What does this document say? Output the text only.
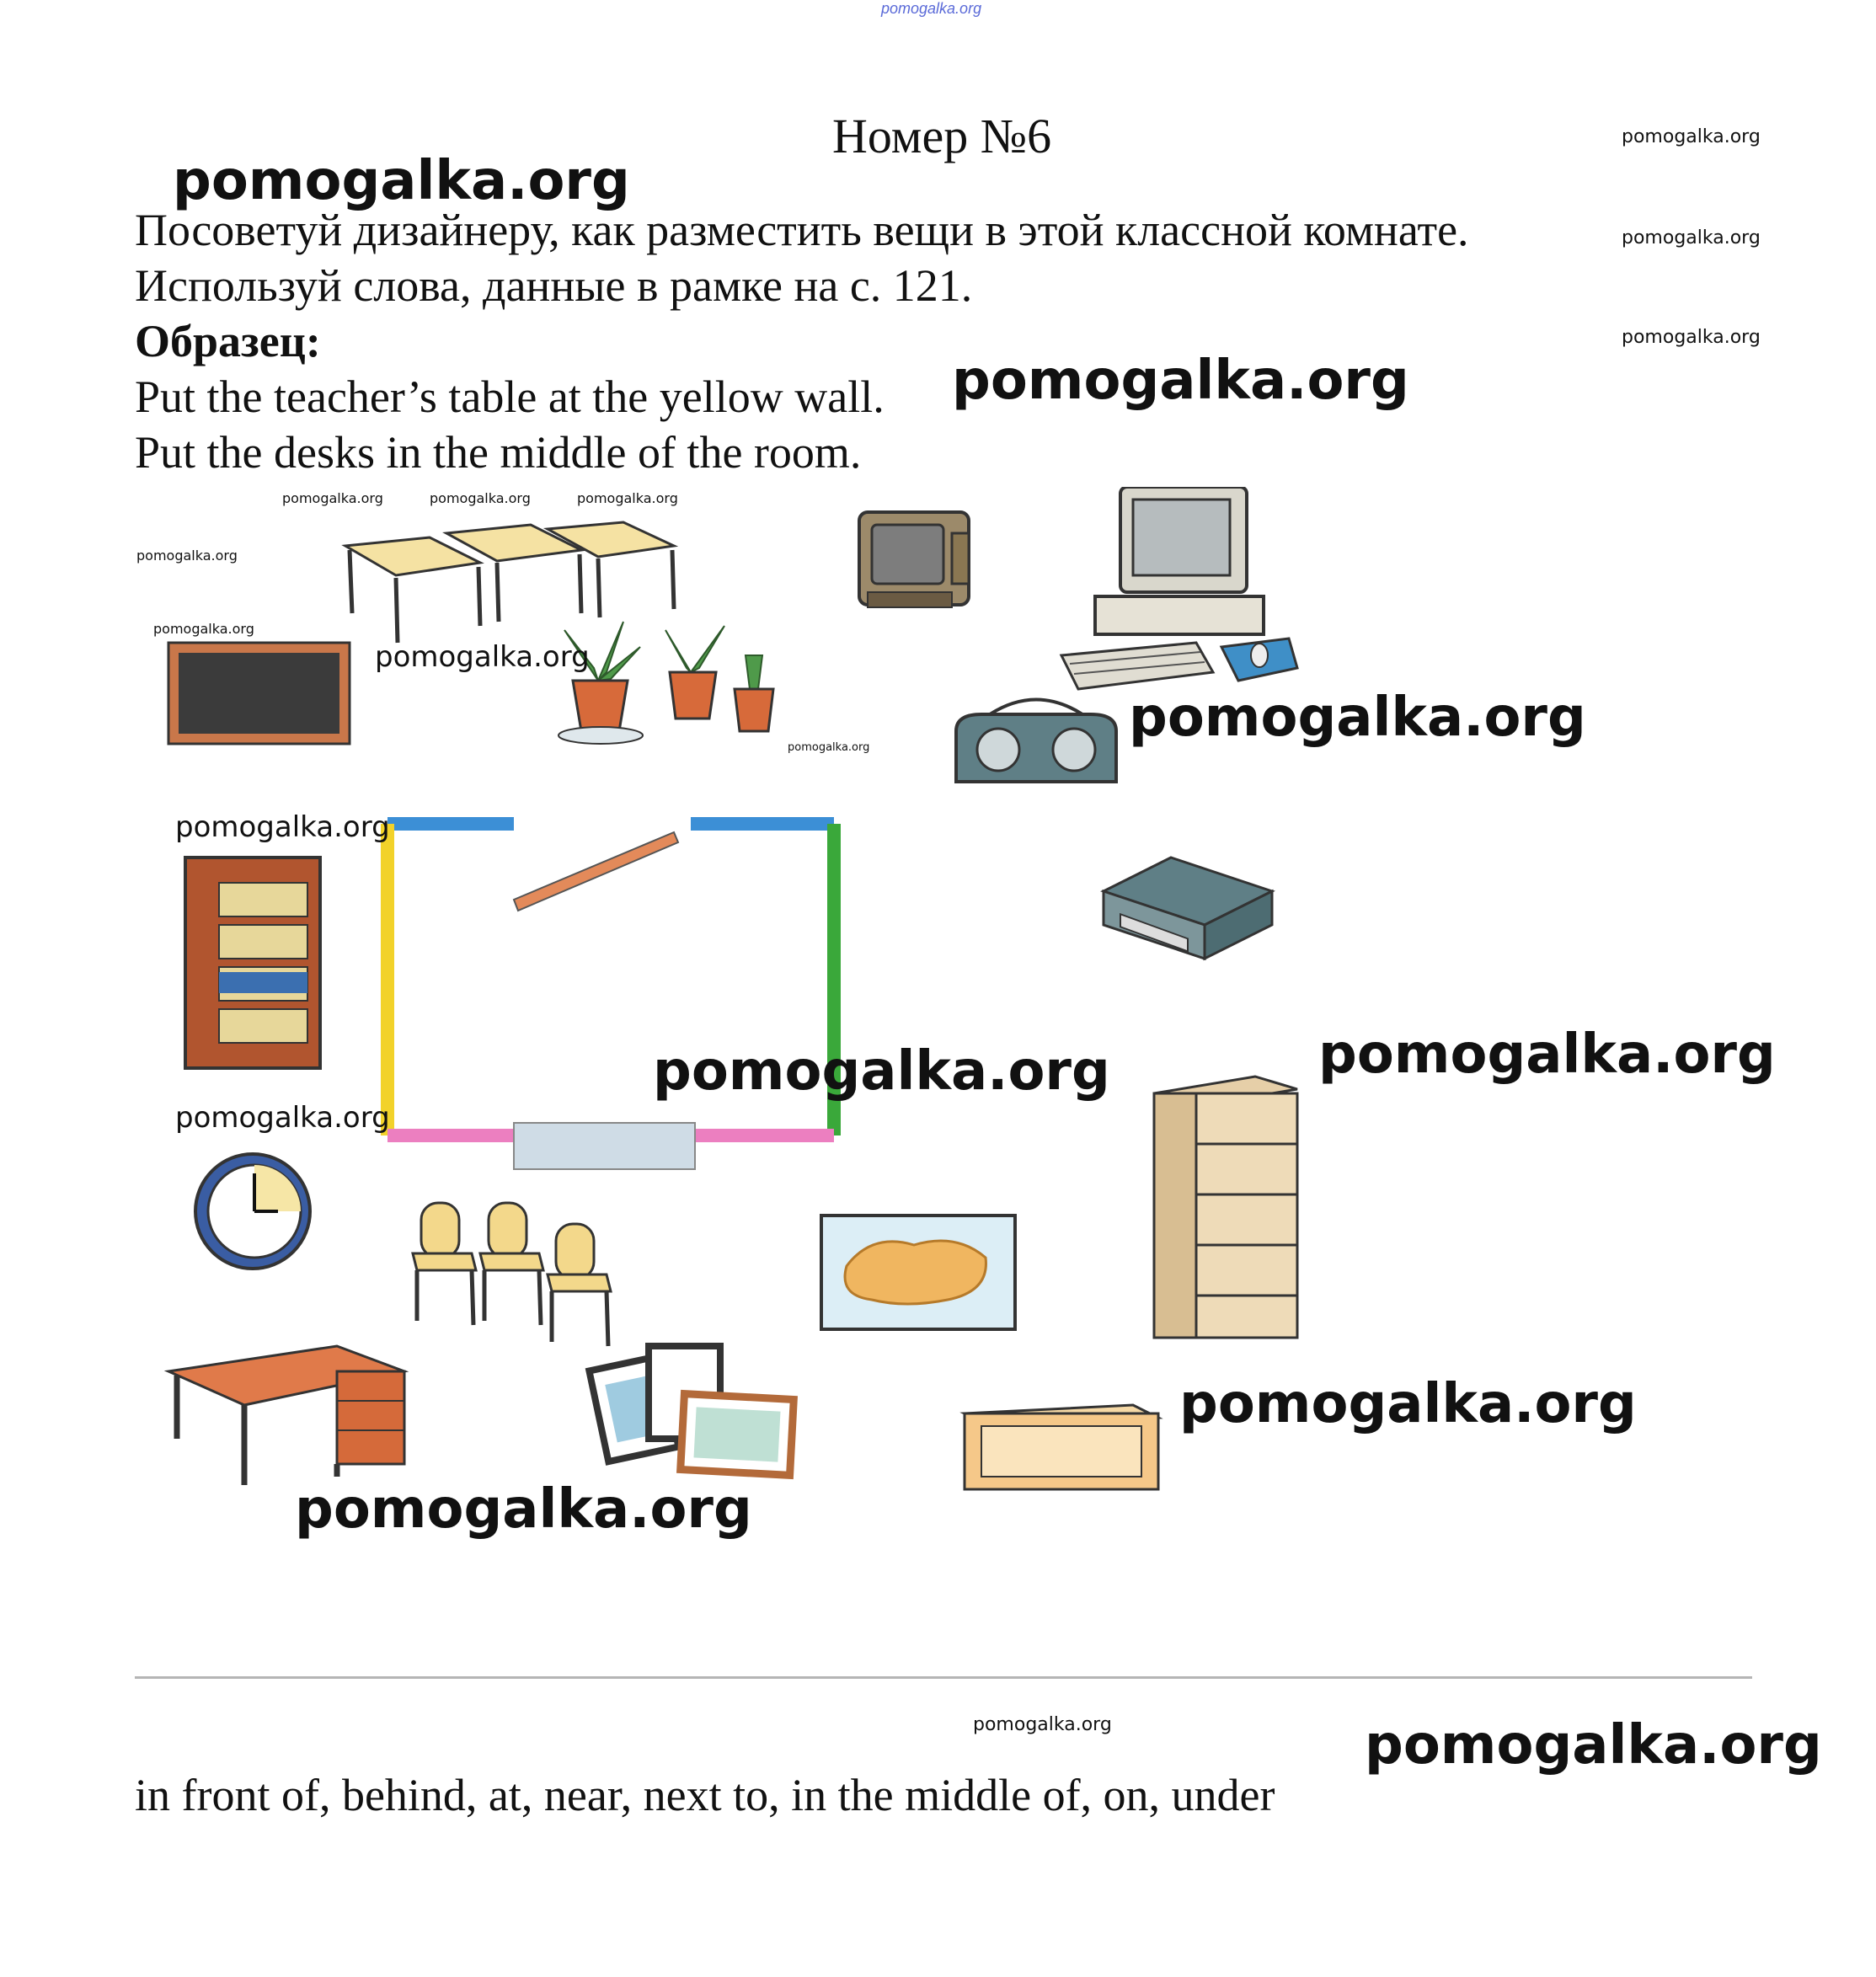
pomogalka.org
Номер №6
Посоветуй дизайнеру, как разместить вещи в этой классной комнате.
Используй слова, данные в рамке на с. 121.
Образец:
Put the teacher’s table at the yellow wall.
Put the desks in the middle of the room.
in front of, behind, at, near, next to, in the middle of, on, under
pomogalka.org
pomogalka.org
pomogalka.org
pomogalka.org	pomogalka.org
pomogalka.org
pomogalka.org
pomogalka.org
pomogalka.org
pomogalka.org
pomogalka.org
pomogalka.org
pomogalka.org
pomogalka.org
pomogalka.org
pomogalka.org	pomogalka.org	pomogalka.org
pomogalka.org
pomogalka.org
pomogalka.org
